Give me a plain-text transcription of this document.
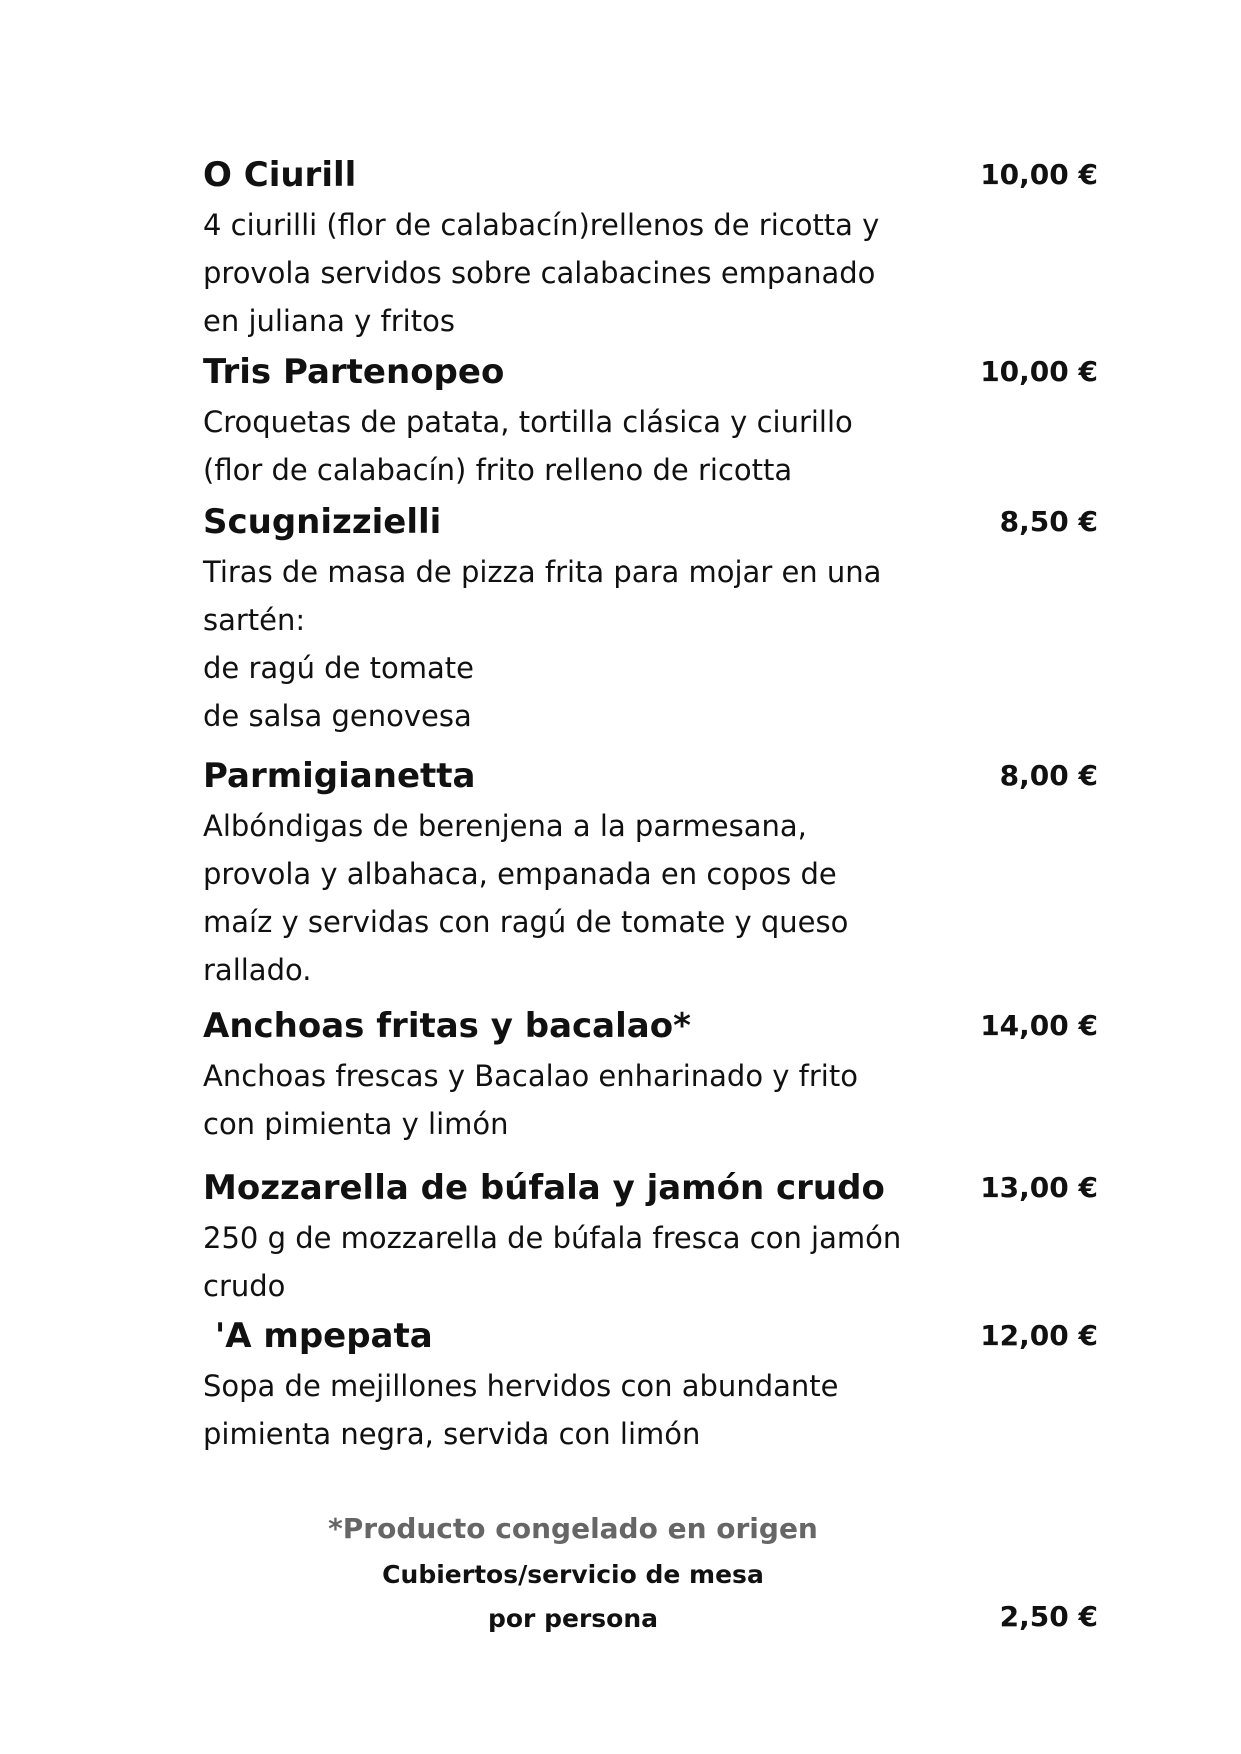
O Ciurill	10,00 €
4 ciurilli (flor de calabacín)rellenos de ricotta y
provola servidos sobre calabacines empanado
en juliana y fritos
Tris Partenopeo	10,00 €
Croquetas de patata, tortilla clásica y ciurillo
(flor de calabacín) frito relleno de ricotta
Scugnizzielli	8,50 €
Tiras de masa de pizza frita para mojar en una
sartén:
de ragú de tomate
de salsa genovesa
Parmigianetta	8,00 €
Albóndigas de berenjena a la parmesana,
provola y albahaca, empanada en copos de
maíz y servidas con ragú de tomate y queso
rallado.
Anchoas fritas y bacalao*	14,00 €
Anchoas frescas y Bacalao enharinado y frito
con pimienta y limón
Mozzarella de búfala y jamón crudo	13,00 €
250 g de mozzarella de búfala fresca con jamón
crudo
'A mpepata	12,00 €
Sopa de mejillones hervidos con abundante
pimienta negra, servida con limón
*Producto congelado en origen
Cubiertos/servicio de mesa
por persona	2,50 €
